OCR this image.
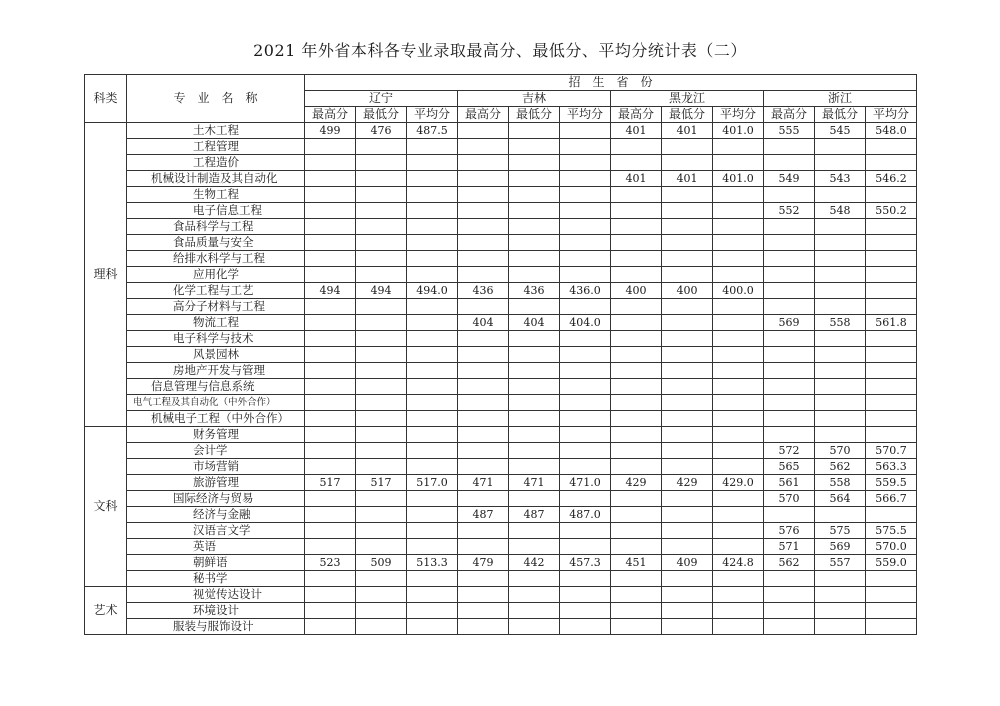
2021 年外省本科各专业录取最高分、最低分、平均分统计表（二）
科类	专　业　名　称	招　生　省　份											
		辽宁			吉林			黑龙江			浙江		
		最高分	最低分	平均分	最高分	最低分	平均分	最高分	最低分	平均分	最高分	最低分	平均分
理科	土木工程	499	476	487.5				401	401	401.0	555	545	548.0
	工程管理												
	工程造价												
	机械设计制造及其自动化							401	401	401.0	549	543	546.2
	生物工程												
	电子信息工程										552	548	550.2
	食品科学与工程												
	食品质量与安全												
	给排水科学与工程												
	应用化学												
	化学工程与工艺	494	494	494.0	436	436	436.0	400	400	400.0			
	高分子材料与工程												
	物流工程				404	404	404.0				569	558	561.8
	电子科学与技术												
	风景园林												
	房地产开发与管理												
	信息管理与信息系统												
	电气工程及其自动化（中外合作）												
	机械电子工程（中外合作）												
文科	财务管理												
	会计学										572	570	570.7
	市场营销										565	562	563.3
	旅游管理	517	517	517.0	471	471	471.0	429	429	429.0	561	558	559.5
	国际经济与贸易										570	564	566.7
	经济与金融				487	487	487.0						
	汉语言文学										576	575	575.5
	英语										571	569	570.0
	朝鲜语	523	509	513.3	479	442	457.3	451	409	424.8	562	557	559.0
	秘书学												
艺术	视觉传达设计												
	环境设计												
	服装与服饰设计												
